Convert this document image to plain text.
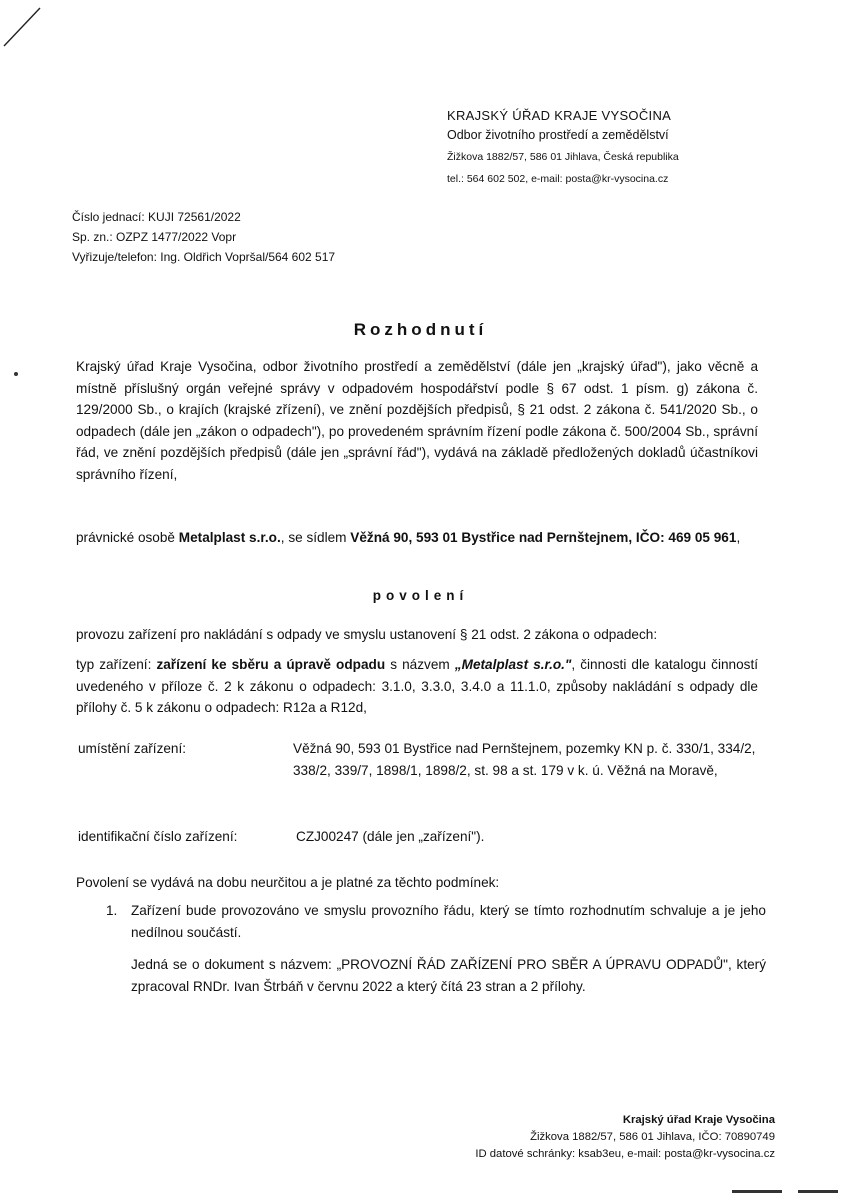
KRAJSKÝ ÚŘAD KRAJE VYSOČINA

Odbor životního prostředí a zemědělství

Žižkova 1882/57, 586 01 Jihlava, Česká republika

tel.: 564 602 502, e-mail: posta@kr-vysocina.cz

Číslo jednací: KUJI 72561/2022
Sp. zn.: OZPZ 1477/2022 Vopr
Vyřizuje/telefon: Ing. Oldřich Vopršal/564 602 517
Rozhodnutí
Krajský úřad Kraje Vysočina, odbor životního prostředí a zemědělství (dále jen „krajský úřad"), jako věcně a místně příslušný orgán veřejné správy v odpadovém hospodářství podle § 67 odst. 1 písm. g) zákona č. 129/2000 Sb., o krajích (krajské zřízení), ve znění pozdějších předpisů, § 21 odst. 2 zákona č. 541/2020 Sb., o odpadech (dále jen „zákon o odpadech"), po provedeném správním řízení podle zákona č. 500/2004 Sb., správní řád, ve znění pozdějších předpisů (dále jen „správní řád"), vydává na základě předložených dokladů účastníkovi správního řízení,
právnické osobě Metalplast s.r.o., se sídlem Věžná 90, 593 01 Bystřice nad Pernštejnem, IČO: 469 05 961,
povolení
provozu zařízení pro nakládání s odpady ve smyslu ustanovení § 21 odst. 2 zákona o odpadech:
typ zařízení: zařízení ke sběru a úpravě odpadu s názvem „Metalplast s.r.o.", činnosti dle katalogu činností uvedeného v příloze č. 2 k zákonu o odpadech: 3.1.0, 3.3.0, 3.4.0 a 11.1.0, způsoby nakládání s odpady dle přílohy č. 5 k zákonu o odpadech: R12a a R12d,
umístění zařízení:	Věžná 90, 593 01 Bystřice nad Pernštejnem, pozemky KN p. č. 330/1, 334/2, 338/2, 339/7, 1898/1, 1898/2, st. 98 a st. 179 v k. ú. Věžná na Moravě,
identifikační číslo zařízení:	CZJ00247 (dále jen „zařízení").
Povolení se vydává na dobu neurčitou a je platné za těchto podmínek:
1.	Zařízení bude provozováno ve smyslu provozního řádu, který se tímto rozhodnutím schvaluje a je jeho nedílnou součástí.

Jedná se o dokument s názvem: „PROVOZNÍ ŘÁD ZAŘÍZENÍ PRO SBĚR A ÚPRAVU ODPADŮ", který zpracoval RNDr. Ivan Štrbáň v červnu 2022 a který čítá 23 stran a 2 přílohy.

Krajský úřad Kraje Vysočina
Žižkova 1882/57, 586 01 Jihlava, IČO: 70890749
ID datové schránky: ksab3eu, e-mail: posta@kr-vysocina.cz
